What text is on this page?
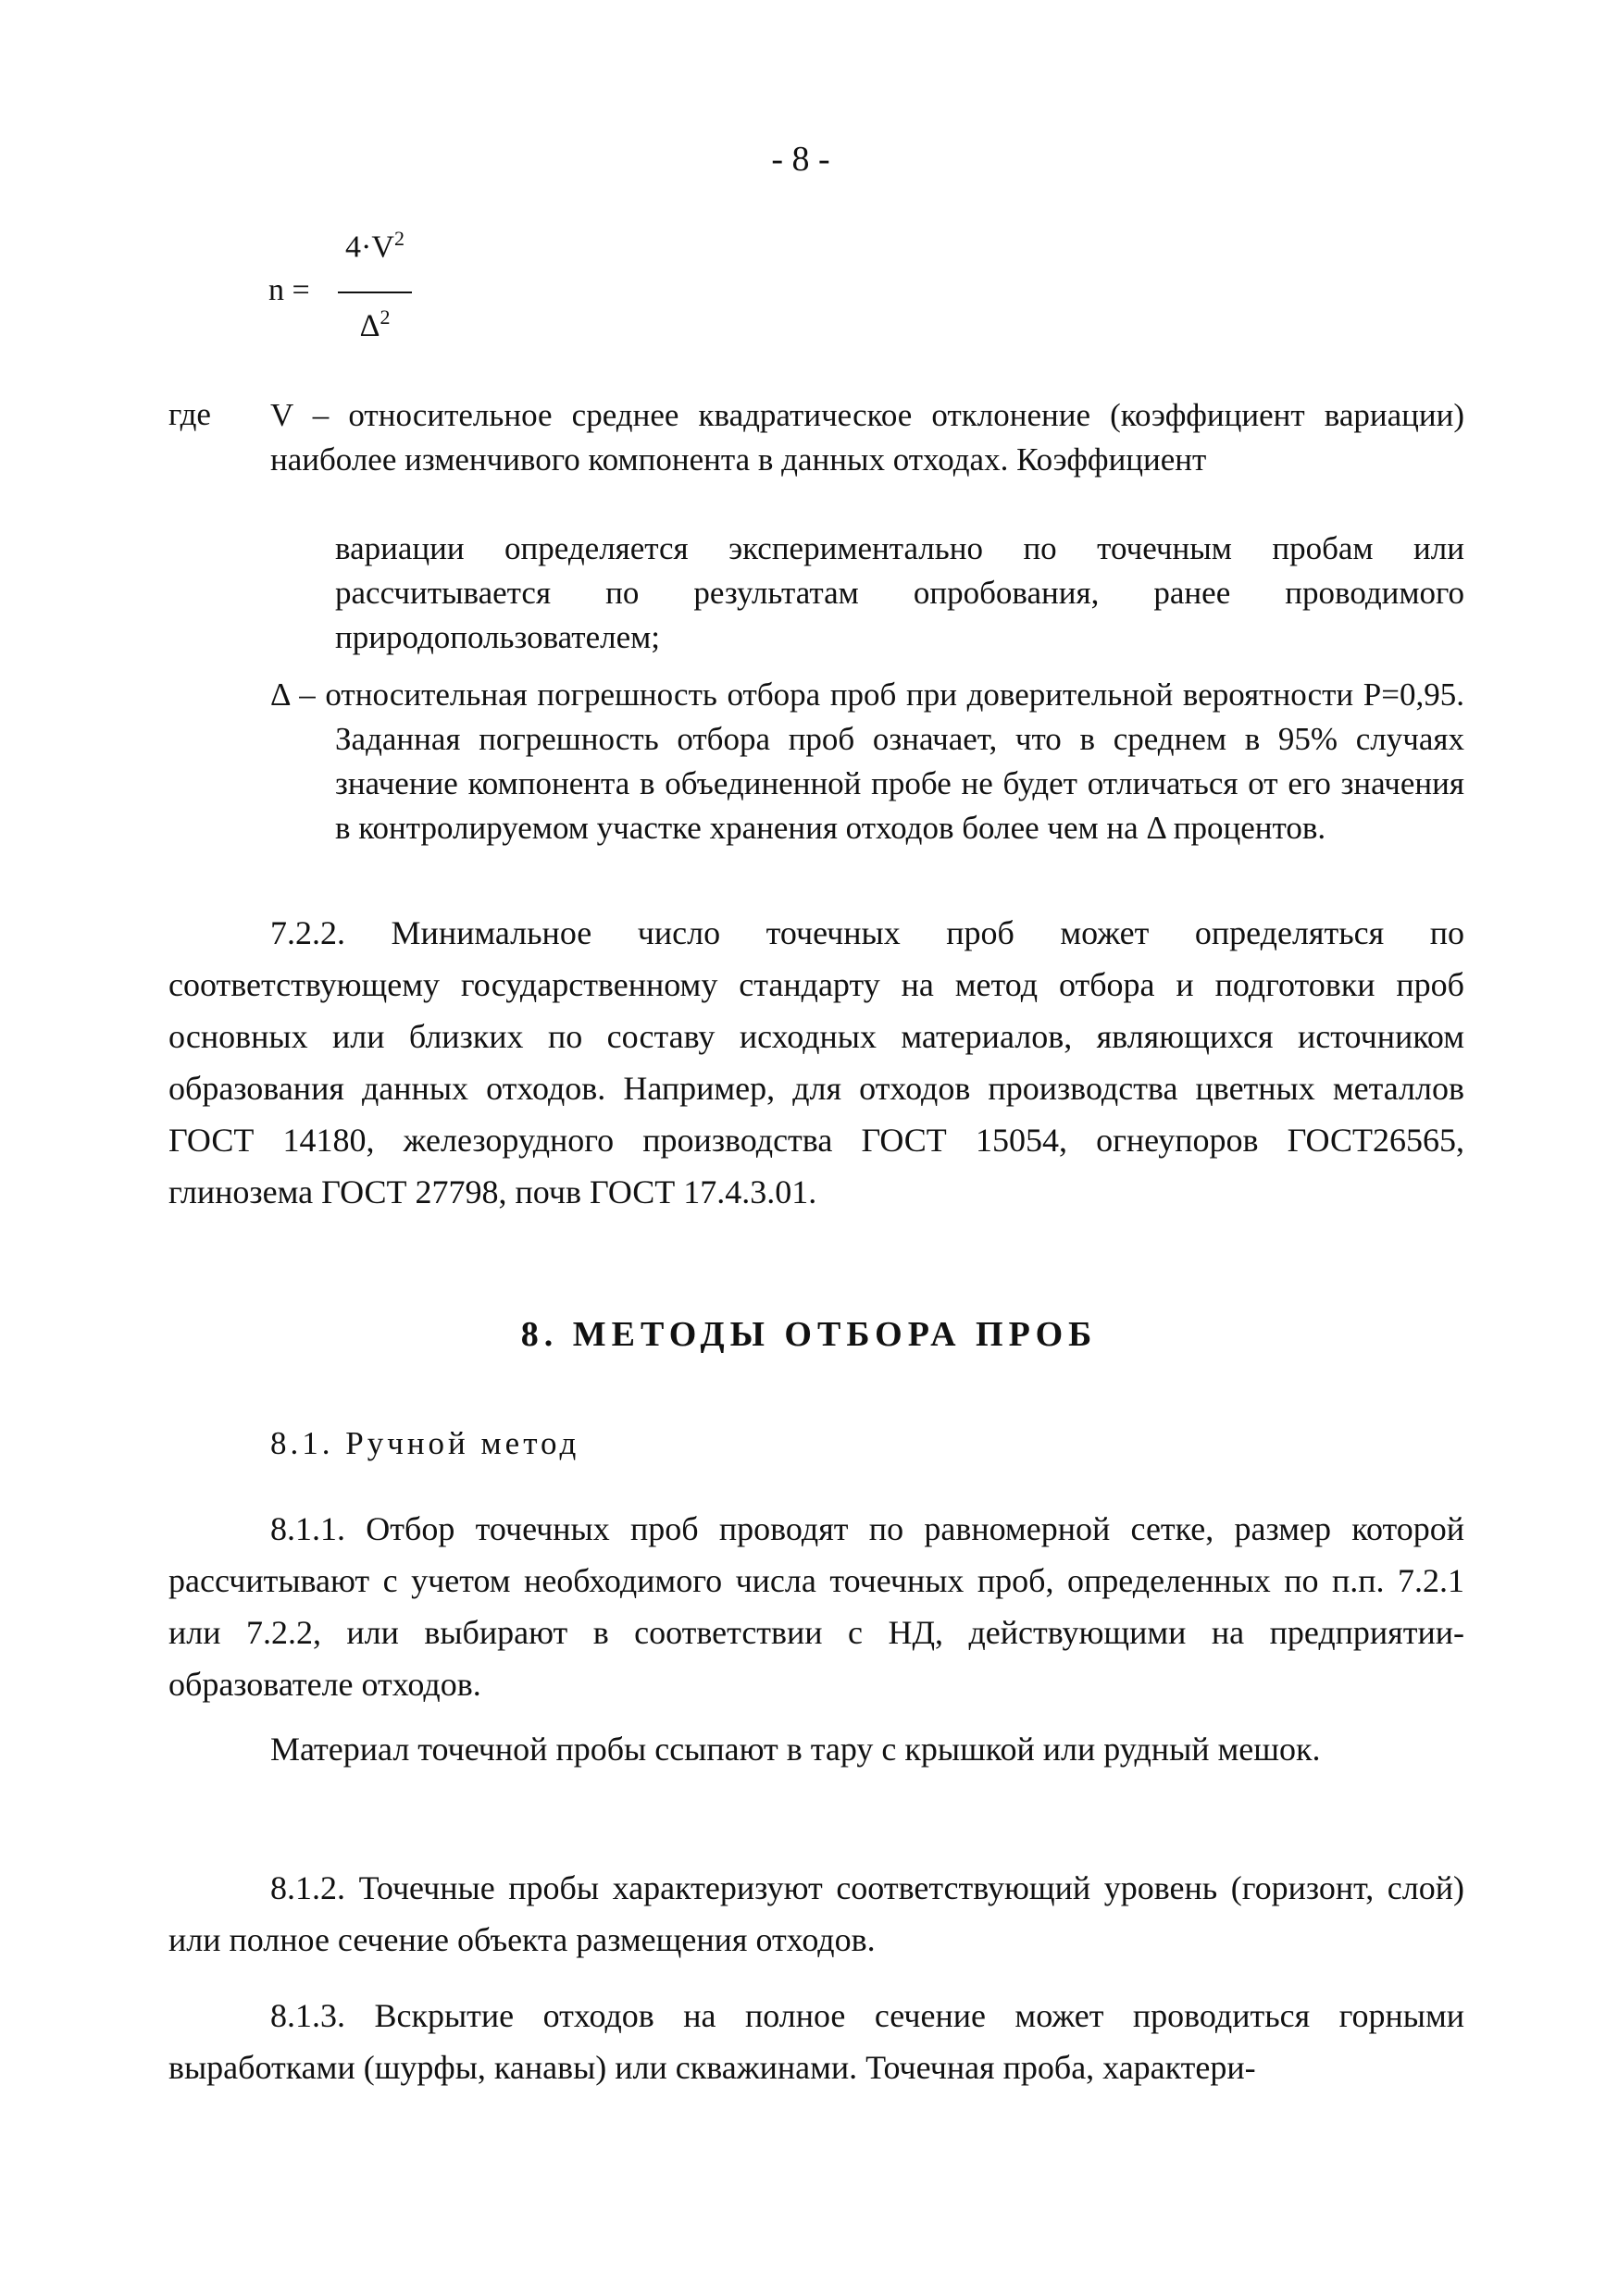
- 8 -
n =
$4\cdot V^2$
$\Delta^2$
где V – относительное среднее квадратическое отклонение (коэффициент вариации) наиболее изменчивого компонента в данных отходах. Коэффициент
вариации определяется экспериментально по точечным пробам или рассчитывается по результатам опробования, ранее проводимого природопользователем;
Δ – относительная погрешность отбора проб при доверительной вероятности P=0,95. Заданная погрешность отбора проб означает, что в среднем в 95% случаях значение компонента в объединенной пробе не будет отличаться от его значения в контролируемом участке хранения отходов более чем на Δ процентов.
7.2.2. Минимальное число точечных проб может определяться по соответствующему государственному стандарту на метод отбора и подготовки проб основных или близких по составу исходных материалов, являющихся источником образования данных отходов. Например, для отходов производства цветных металлов ГОСТ 14180, железорудного производства ГОСТ 15054, огнеупоров ГОСТ26565, глинозема ГОСТ 27798, почв ГОСТ 17.4.3.01.
8. МЕТОДЫ ОТБОРА ПРОБ
8.1. Ручной метод
8.1.1. Отбор точечных проб проводят по равномерной сетке, размер которой рассчитывают с учетом необходимого числа точечных проб, определенных по п.п. 7.2.1 или 7.2.2, или выбирают в соответствии с НД, действующими на предприятии-образователе отходов.
Материал точечной пробы ссыпают в тару с крышкой или рудный мешок.
8.1.2. Точечные пробы характеризуют соответствующий уровень (горизонт, слой) или полное сечение объекта размещения отходов.
8.1.3. Вскрытие отходов на полное сечение может проводиться горными выработками (шурфы, канавы) или скважинами. Точечная проба, характери-
